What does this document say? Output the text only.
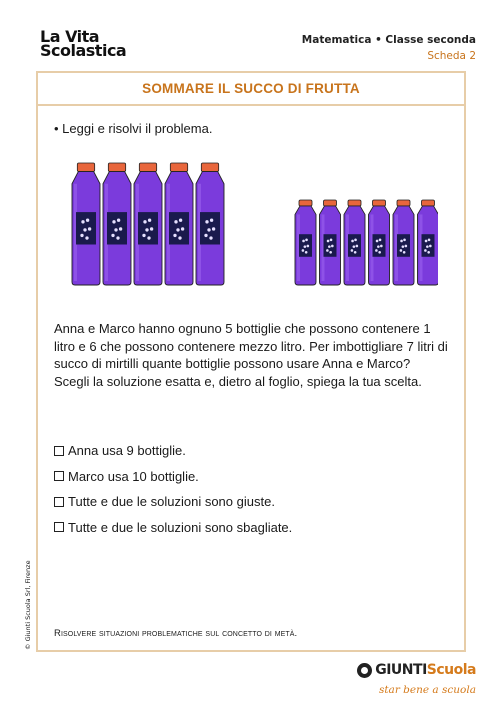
La Vita
Scolastica
Matematica • Classe seconda
Scheda 2
SOMMARE IL SUCCO DI FRUTTA
• Leggi e risolvi il problema.

Anna e Marco hanno ognuno 5 bottiglie che possono contenere 1 litro e 6 che possono contenere mezzo litro. Per imbottigliare 7 litri di succo di mirtilli quante bottiglie possono usare Anna e Marco?

Scegli la soluzione esatta e, dietro al foglio, spiega la tua scelta.

Anna usa 9 bottiglie.
Marco usa 10 bottiglie.
Tutte e due le soluzioni sono giuste.
Tutte e due le soluzioni sono sbagliate.
Risolvere situazioni problematiche sul concetto di metà.
© Giunti Scuola Srl, Firenze
GIUNTI Scuola
star bene a scuola
